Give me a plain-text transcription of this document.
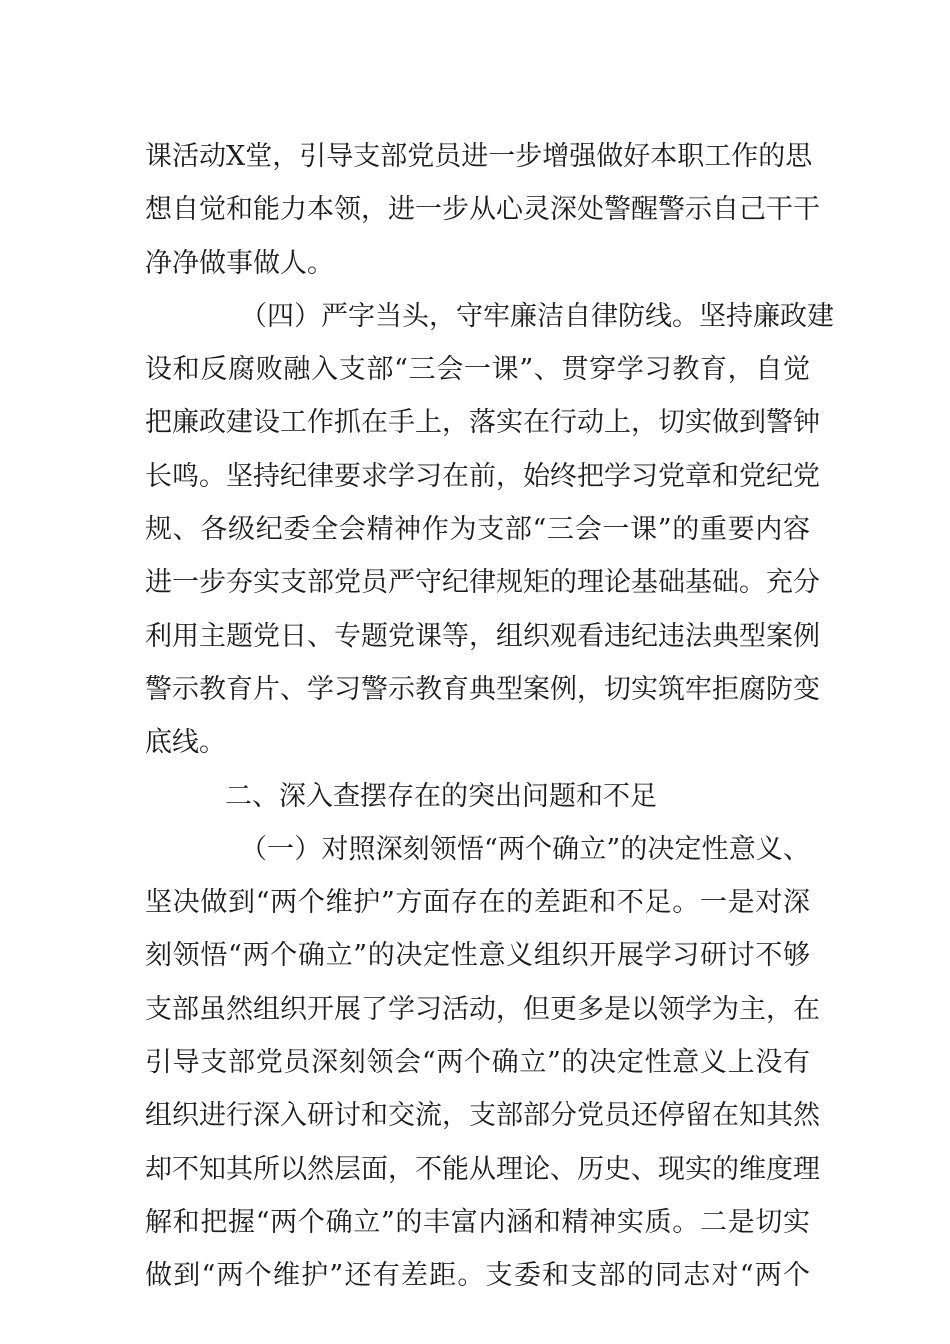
课活动X堂，引导支部党员进一步增强做好本职工作的思
想自觉和能力本领，进一步从心灵深处警醒警示自己干干
净净做事做人。
（四）严字当头，守牢廉洁自律防线。坚持廉政建
设和反腐败融入支部“三会一课”、贯穿学习教育，自觉
把廉政建设工作抓在手上，落实在行动上，切实做到警钟
长鸣。坚持纪律要求学习在前，始终把学习党章和党纪党
规、各级纪委全会精神作为支部“三会一课”的重要内容
进一步夯实支部党员严守纪律规矩的理论基础基础。充分
利用主题党日、专题党课等，组织观看违纪违法典型案例
警示教育片、学习警示教育典型案例，切实筑牢拒腐防变
底线。
二、深入查摆存在的突出问题和不足
（一）对照深刻领悟“两个确立”的决定性意义、
坚决做到“两个维护”方面存在的差距和不足。一是对深
刻领悟“两个确立”的决定性意义组织开展学习研讨不够
支部虽然组织开展了学习活动，但更多是以领学为主，在
引导支部党员深刻领会“两个确立”的决定性意义上没有
组织进行深入研讨和交流，支部部分党员还停留在知其然
却不知其所以然层面，不能从理论、历史、现实的维度理
解和把握“两个确立”的丰富内涵和精神实质。二是切实
做到“两个维护”还有差距。支委和支部的同志对“两个
